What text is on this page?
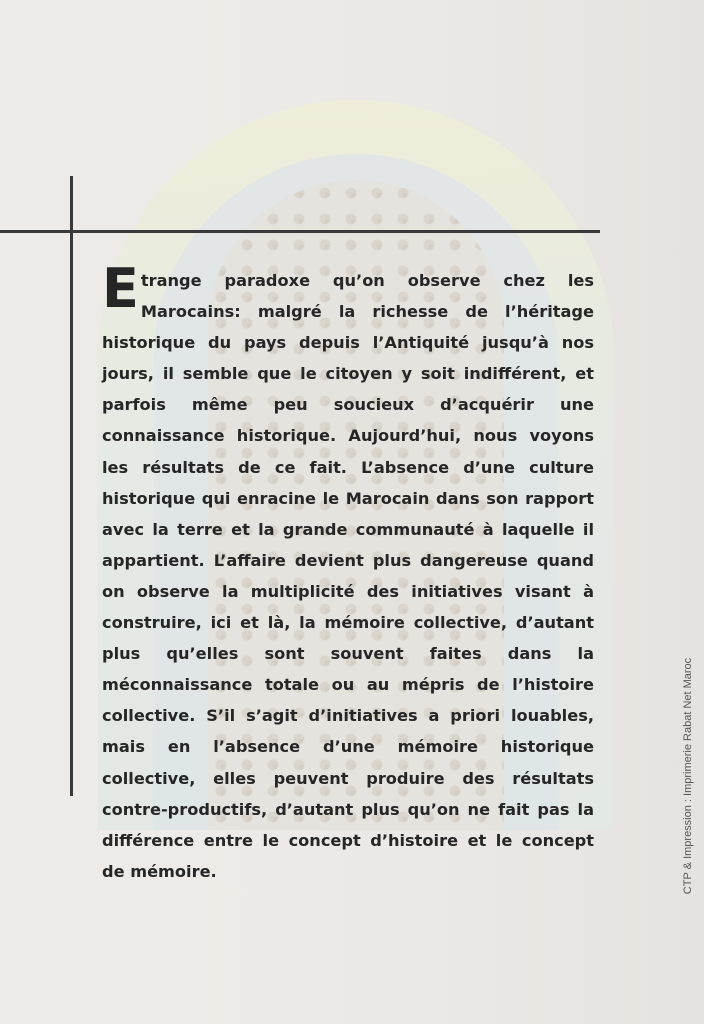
Etrange paradoxe qu’on observe chez les Marocains: malgré la richesse de l’héritage historique du pays depuis l’Antiquité jusqu’à nos jours, il semble que le citoyen y soit indifférent, et parfois même peu soucieux d’acquérir une connaissance historique. Aujourd’hui, nous voyons les résultats de ce fait. L’absence d’une culture historique qui enracine le Marocain dans son rapport avec la terre et la grande communauté à laquelle il appartient. L’affaire devient plus dangereuse quand on observe la multiplicité des initiatives visant à construire, ici et là, la mémoire collective, d’autant plus qu’elles sont souvent faites dans la méconnaissance totale ou au mépris de l’histoire collective. S’il s’agit d’initiatives a priori louables, mais en l’absence d’une mémoire historique collective, elles peuvent produire des résultats contre-productifs, d’autant plus qu’on ne fait pas la différence entre le concept d’histoire et le concept de mémoire.	CTP & Impression : Imprimerie Rabat Net Maroc
